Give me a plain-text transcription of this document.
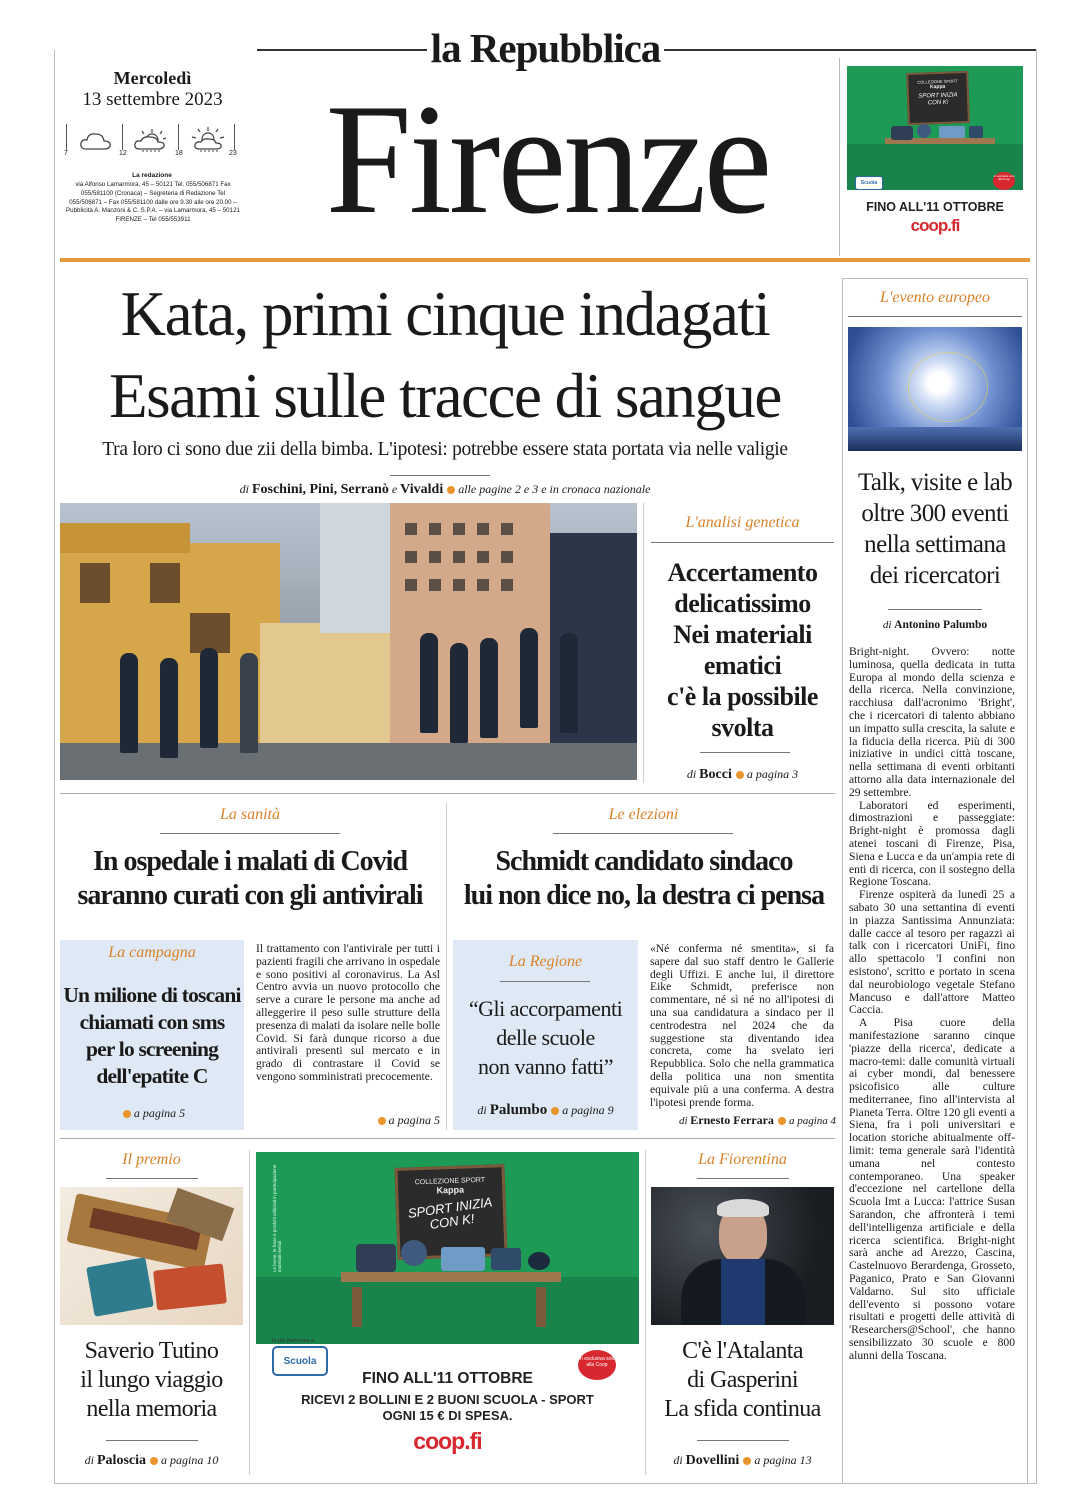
la Repubblica
Mercoledì
13 settembre 2023
7	12	18	23
La redazione
via Alfonso Lamarmora, 45 – 50121 Tel. 055/506871 Fax 055/581100 (Cronaca) – Segreteria di Redazione Tel 055/506871 – Fax 055/581100 dalle ore 9.30 alle ore 20.00 – Pubblicità A. Manzoni & C. S.P.A. – via Lamarmora, 45 – 50121 FIRENZE – Tel 055/553911 Firenze	COLLEZIONE SPORT
Kappa
SPORT INIZIA CON K!
Scuola
In esclusiva solo alla Coop
FINO ALL'11 OTTOBRE
coop.fi
Kata, primi cinque indagati
Esami sulle tracce di sangue
Tra loro ci sono due zii della bimba. L'ipotesi: potrebbe essere stata portata via nelle valigie
di Foschini, Pini, Serranò e Vivaldi alle pagine 2 e 3 e in cronaca nazionale
L'analisi genetica
Accertamento
delicatissimo
Nei materiali
ematici
c'è la possibile
svolta
di Bocci a pagina 3
L'evento europeo
Talk, visite e lab
oltre 300 eventi
nella settimana
dei ricercatori
di Antonino Palumbo

Bright-night. Ovvero: notte luminosa, quella dedicata in tutta Europa al mondo della scienza e della ricerca. Nella convinzione, racchiusa dall'acronimo 'Bright', che i ricercatori di talento abbiano un impatto sulla crescita, la salute e la fiducia della ricerca. Più di 300 iniziative in undici città toscane, nella settimana di eventi orbitanti attorno alla data internazionale del 29 settembre.

Laboratori ed esperimenti, dimostrazioni e passeggiate: Bright-night è promossa dagli atenei toscani di Firenze, Pisa, Siena e Lucca e da un'ampia rete di enti di ricerca, con il sostegno della Regione Toscana.

Firenze ospiterà da lunedì 25 a sabato 30 una settantina di eventi in piazza Santissima Annunziata: dalle cacce al tesoro per ragazzi ai talk con i ricercatori UniFi, fino allo spettacolo 'I confini non esistono', scritto e portato in scena dal neurobiologo vegetale Stefano Mancuso e dall'attore Matteo Caccia.

A Pisa cuore della manifestazione saranno cinque 'piazze della ricerca', dedicate a macro-temi: dalle comunità virtuali ai cyber mondi, dal benessere psicofisico alle culture mediterranee, fino all'intervista al Pianeta Terra. Oltre 120 gli eventi a Siena, fra i poli universitari e location storiche abitualmente off-limit: tema generale sarà l'identità umana nel contesto contemporaneo. Una speaker d'eccezione nel cartellone della Scuola Imt a Lucca: l'attrice Susan Sarandon, che affronterà i temi dell'intelligenza artificiale e della ricerca scientifica. Bright-night sarà anche ad Arezzo, Cascina, Castelnuovo Berardenga, Grosseto, Paganico, Prato e San Giovanni Valdarno. Sul sito ufficiale dell'evento si possono votare risultati e progetti delle attività di 'Researchers@School', che hanno sensibilizzato 30 scuole e 800 alunni della Toscana.

La sanità
In ospedale i malati di Covid
saranno curati con gli antivirali
La campagna
Un milione di toscani
chiamati con sms
per lo screening
dell'epatite C
a pagina 5
Il trattamento con l'antivirale per tutti i pazienti fragili che arrivano in ospedale e sono positivi al coronavirus. La Asl Centro avvia un nuovo protocollo che serve a curare le persone ma anche ad alleggerire il peso sulle strutture della presenza di malati da isolare nelle bolle Covid. Si farà dunque ricorso a due antivirali presenti sul mercato e in grado di contrastare il Covid se vengono somministrati precocemente.
a pagina 5
Le elezioni
Schmidt candidato sindaco
lui non dice no, la destra ci pensa
La Regione
“Gli accorpamenti
delle scuole
non vanno fatti”
di Palumbo a pagina 9
«Né conferma né smentita», si fa sapere dal suo staff dentro le Gallerie degli Uffizi. E anche lui, il direttore Eike Schmidt, preferisce non commentare, né sì né no all'ipotesi di una sua candidatura a sindaco per il centrodestra nel 2024 che da suggestione sta diventando idea concreta, come ha svelato ieri Repubblica. Solo che nella grammatica della politica una non smentita equivale più a una conferma. A destra l'ipotesi prende forma.
di Ernesto Ferrara a pagina 4
Il premio
Saverio Tutino
il lungo viaggio
nella memoria
di Paloscia a pagina 10
COLLEZIONE SPORT
Kappa
SPORT INIZIA CON K!
Le borse, le frase e prodotti utilizzati in partecipazione materiali rivelati
In più partecipa a
Scuola	In esclusiva solo alla Coop
FINO ALL'11 OTTOBRE
RICEVI 2 BOLLINI E 2 BUONI SCUOLA - SPORT
OGNI 15 € DI SPESA.
coop.fi
La Fiorentina
C'è l'Atalanta
di Gasperini
La sfida continua
di Dovellini a pagina 13
